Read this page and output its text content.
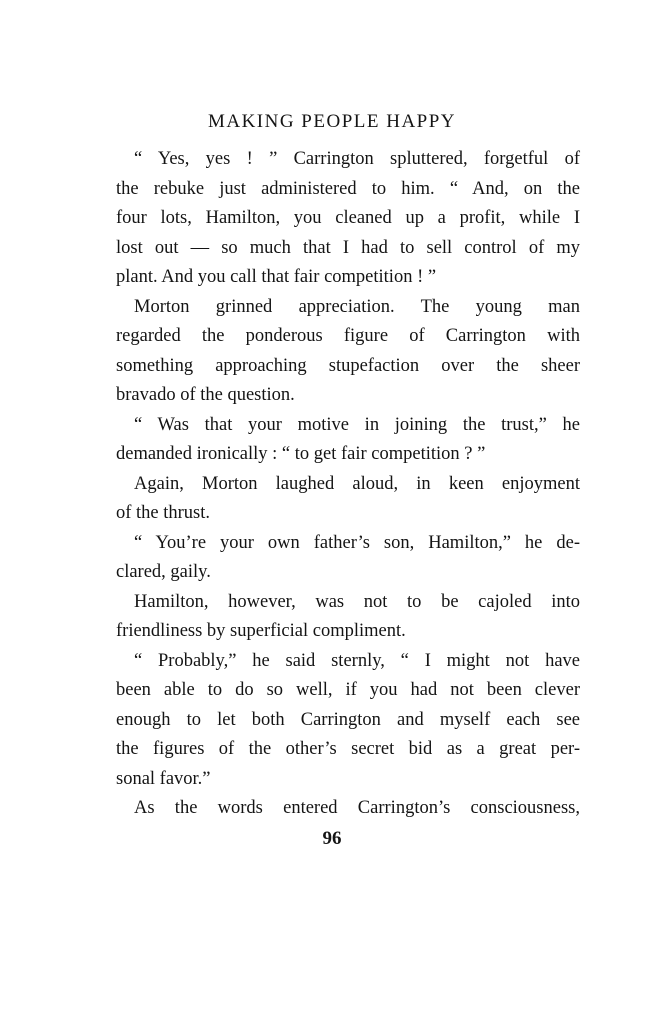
MAKING PEOPLE HAPPY
“ Yes, yes ! ” Carrington spluttered, forgetful of
the rebuke just administered to him. “ And, on the
four lots, Hamilton, you cleaned up a profit, while I
lost out — so much that I had to sell control of my
plant. And you call that fair competition ! ”
Morton grinned appreciation. The young man
regarded the ponderous figure of Carrington with
something approaching stupefaction over the sheer
bravado of the question.
“ Was that your motive in joining the trust,” he
demanded ironically : “ to get fair competition ? ”
Again, Morton laughed aloud, in keen enjoyment
of the thrust.
“ You’re your own father’s son, Hamilton,” he de-
clared, gaily.
Hamilton, however, was not to be cajoled into
friendliness by superficial compliment.
“ Probably,” he said sternly, “ I might not have
been able to do so well, if you had not been clever
enough to let both Carrington and myself each see
the figures of the other’s secret bid as a great per-
sonal favor.”
As the words entered Carrington’s consciousness,
96
